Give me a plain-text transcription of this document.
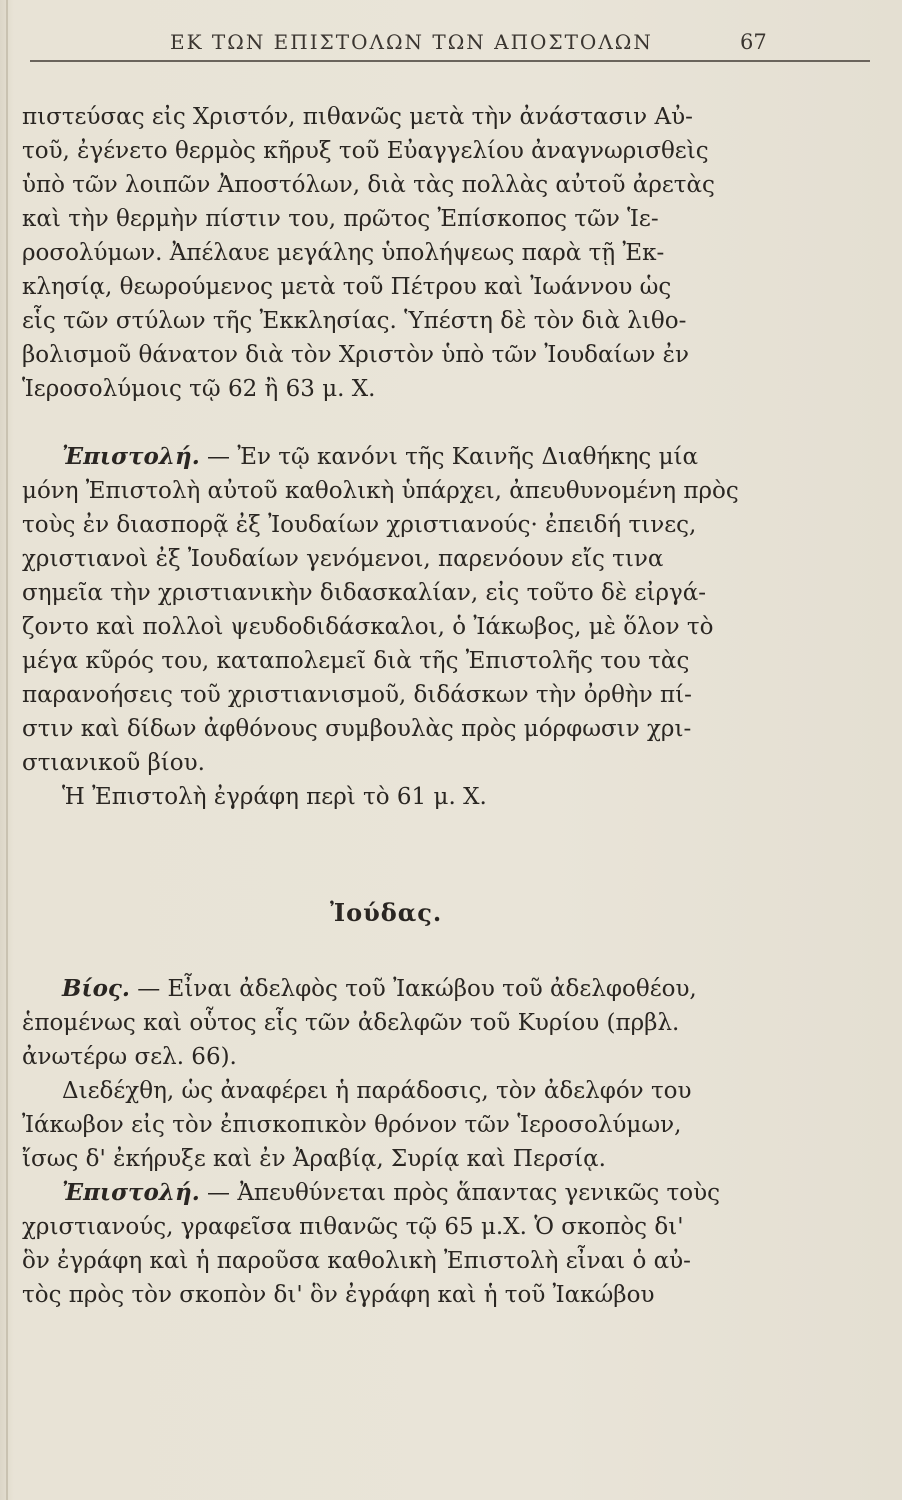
ΕΚ ΤΩΝ ΕΠΙΣΤΟΛΩΝ ΤΩΝ ΑΠΟΣΤΟΛΩΝ	67
πιστεύσας εἰς Χριστόν, πιθανῶς μετὰ τὴν ἀνάστασιν Αὐ-
τοῦ, ἐγένετο θερμὸς κῆρυξ τοῦ Εὐαγγελίου ἀναγνωρισθεὶς
ὑπὸ τῶν λοιπῶν Ἀποστόλων, διὰ τὰς πολλὰς αὐτοῦ ἀρετὰς
καὶ τὴν θερμὴν πίστιν του, πρῶτος Ἐπίσκοπος τῶν Ἱε-
ροσολύμων. Ἀπέλαυε μεγάλης ὑπολήψεως παρὰ τῇ Ἐκ-
κλησίᾳ, θεωρούμενος μετὰ τοῦ Πέτρου καὶ Ἰωάννου ὡς
εἷς τῶν στύλων τῆς Ἐκκλησίας. Ὑπέστη δὲ τὸν διὰ λιθο-
βολισμοῦ θάνατον διὰ τὸν Χριστὸν ὑπὸ τῶν Ἰουδαίων ἐν
Ἱεροσολύμοις τῷ 62 ἢ 63 μ. Χ.
Ἐπιστολή. — Ἐν τῷ κανόνι τῆς Καινῆς Διαθήκης μία
μόνη Ἐπιστολὴ αὐτοῦ καθολικὴ ὑπάρχει, ἀπευθυνομένη πρὸς
τοὺς ἐν διασπορᾷ ἐξ Ἰουδαίων χριστιανούς· ἐπειδή τινες,
χριστιανοὶ ἐξ Ἰουδαίων γενόμενοι, παρενόουν εἴς τινα
σημεῖα τὴν χριστιανικὴν διδασκαλίαν, εἰς τοῦτο δὲ εἰργά-
ζοντο καὶ πολλοὶ ψευδοδιδάσκαλοι, ὁ Ἰάκωβος, μὲ ὅλον τὸ
μέγα κῦρός του, καταπολεμεῖ διὰ τῆς Ἐπιστολῆς του τὰς
παρανοήσεις τοῦ χριστιανισμοῦ, διδάσκων τὴν ὀρθὴν πί-
στιν καὶ δίδων ἀφθόνους συμβουλὰς πρὸς μόρφωσιν χρι-
στιανικοῦ βίου.
Ἡ Ἐπιστολὴ ἐγράφη περὶ τὸ 61 μ. Χ.
Ἰούδας.
Βίος. — Εἶναι ἀδελφὸς τοῦ Ἰακώβου τοῦ ἀδελφοθέου,
ἑπομένως καὶ οὗτος εἷς τῶν ἀδελφῶν τοῦ Κυρίου (πρβλ.
ἀνωτέρω σελ. 66).
Διεδέχθη, ὡς ἀναφέρει ἡ παράδοσις, τὸν ἀδελφόν του
Ἰάκωβον εἰς τὸν ἐπισκοπικὸν θρόνον τῶν Ἱεροσολύμων,
ἴσως δ' ἐκήρυξε καὶ ἐν Ἀραβίᾳ, Συρίᾳ καὶ Περσίᾳ.
Ἐπιστολή. — Ἀπευθύνεται πρὸς ἅπαντας γενικῶς τοὺς
χριστιανούς, γραφεῖσα πιθανῶς τῷ 65 μ.Χ. Ὁ σκοπὸς δι'
ὃν ἐγράφη καὶ ἡ παροῦσα καθολικὴ Ἐπιστολὴ εἶναι ὁ αὐ-
τὸς πρὸς τὸν σκοπὸν δι' ὃν ἐγράφη καὶ ἡ τοῦ Ἰακώβου
